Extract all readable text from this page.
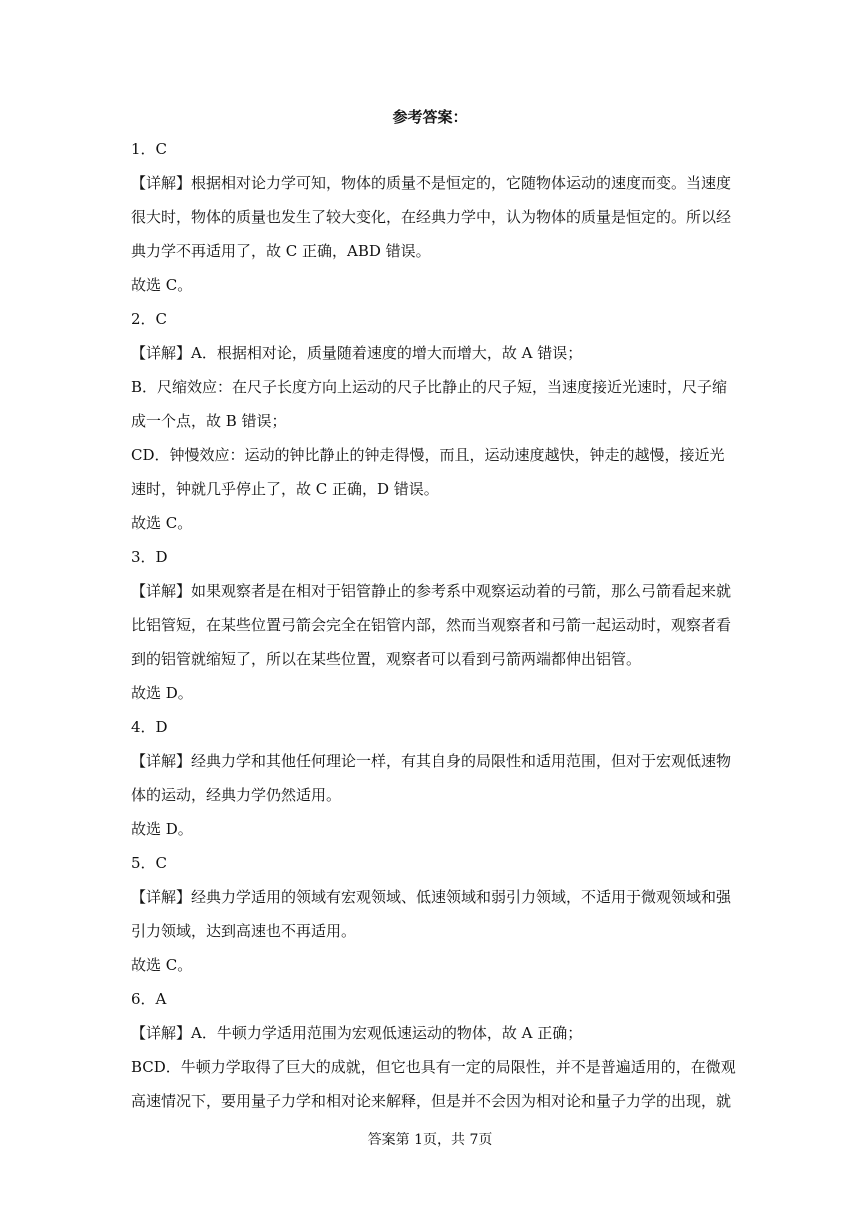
参考答案：
1．C
【详解】根据相对论力学可知，物体的质量不是恒定的，它随物体运动的速度而变。当速度
很大时，物体的质量也发生了较大变化，在经典力学中，认为物体的质量是恒定的。所以经
典力学不再适用了，故 C 正确，ABD 错误。
故选 C。
2．C
【详解】A．根据相对论，质量随着速度的增大而增大，故 A 错误；
B．尺缩效应：在尺子长度方向上运动的尺子比静止的尺子短，当速度接近光速时，尺子缩
成一个点，故 B 错误；
CD．钟慢效应：运动的钟比静止的钟走得慢，而且，运动速度越快，钟走的越慢，接近光
速时，钟就几乎停止了，故 C 正确，D 错误。
故选 C。
3．D
【详解】如果观察者是在相对于铝管静止的参考系中观察运动着的弓箭，那么弓箭看起来就
比铝管短，在某些位置弓箭会完全在铝管内部，然而当观察者和弓箭一起运动时，观察者看
到的铝管就缩短了，所以在某些位置，观察者可以看到弓箭两端都伸出铝管。
故选 D。
4．D
【详解】经典力学和其他任何理论一样，有其自身的局限性和适用范围，但对于宏观低速物
体的运动，经典力学仍然适用。
故选 D。
5．C
【详解】经典力学适用的领域有宏观领域、低速领域和弱引力领域，不适用于微观领域和强
引力领域，达到高速也不再适用。
故选 C。
6．A
【详解】A．牛顿力学适用范围为宏观低速运动的物体，故 A 正确；
BCD．牛顿力学取得了巨大的成就，但它也具有一定的局限性，并不是普遍适用的，在微观
高速情况下，要用量子力学和相对论来解释，但是并不会因为相对论和量子力学的出现，就
答案第 1页，共 7页
